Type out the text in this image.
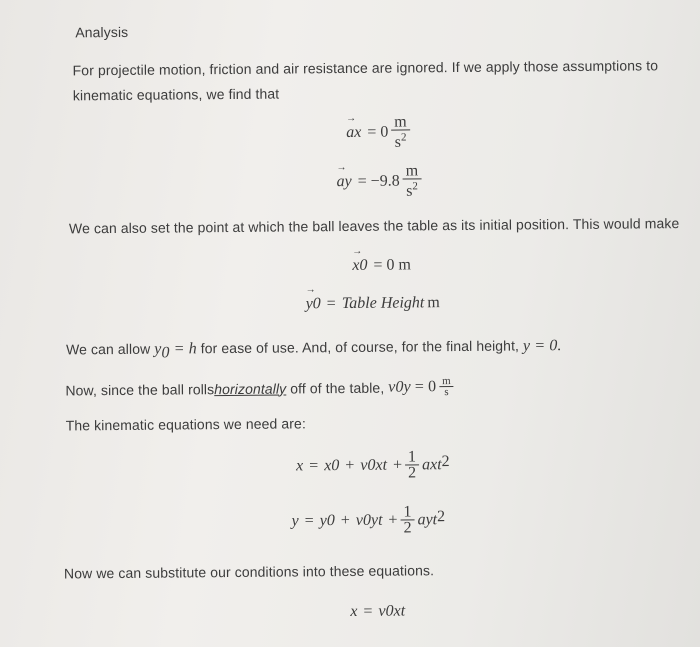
Analysis
For projectile motion, friction and air resistance are ignored. If we apply those assumptions to
kinematic equations, we find that
→ a $x = 0 \frac{m}{s^2}$
→ a $y = -9.8 \frac{m}{s^2}$
We can also set the point at which the ball leaves the table as its initial position. This would make
→ x 0 = 0 m
→ y 0 = Table Height m
We can allow $y_0 = h$ for ease of use. And, of course, for the final height, y = 0.
Now, since the ball rolls horizontally off of the table, v $0y = 0 \frac{m}{s}$
The kinematic equations we need are:
x = x 0 + v 0x $t + \frac{1}{2}$ a x t 2
y = y 0 + v 0y $t + \frac{1}{2}$ a y t 2
Now we can substitute our conditions into these equations.
x = v 0x t
